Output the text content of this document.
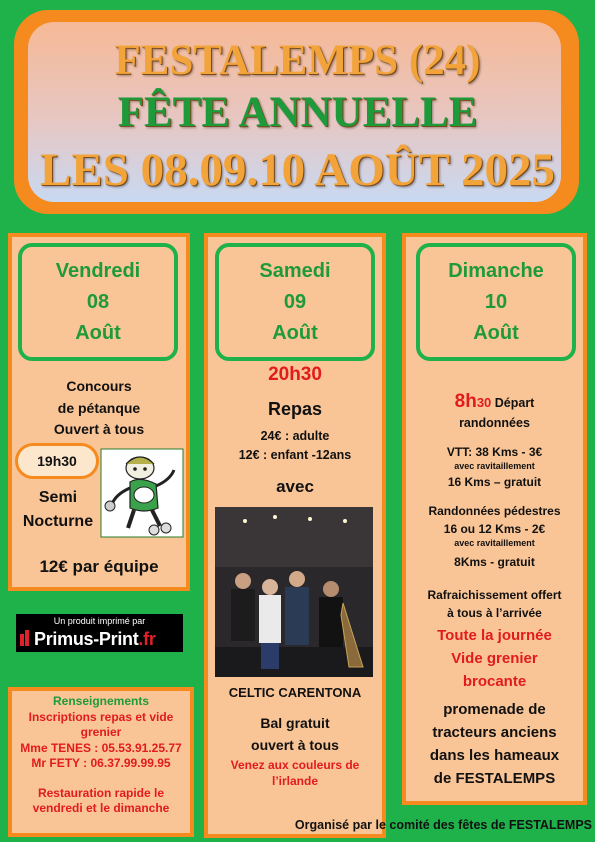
FESTALEMPS (24)
FÊTE ANNUELLE
LES 08.09.10 AOÛT 2025
Vendredi
08
Août
Concours
de pétanque
Ouvert à tous
19h30
Semi
Nocturne
12€ par équipe
Un produit imprimé par
Primus-Print.fr
Renseignements
Inscriptions repas et vide
grenier
Mme TENES : 05.53.91.25.77
Mr FETY : 06.37.99.99.95
Restauration rapide le
vendredi et le dimanche
Samedi
09
Août
20h30
Repas
24€ : adulte
12€ : enfant -12ans
avec
CELTIC CARENTONA
Bal gratuit
ouvert à tous
Venez aux couleurs de
l’irlande
Dimanche
10
Août
8h30 Départ
randonnées
VTT: 38 Kms - 3€
avec ravitaillement
16 Kms – gratuit
Randonnées pédestres
16 ou 12 Kms - 2€
avec ravitaillement
8Kms - gratuit
Rafraichissement offert
à tous à l’arrivée
Toute la journée
Vide grenier
brocante
promenade de
tracteurs anciens
dans les hameaux
de FESTALEMPS
Organisé par le comité des fêtes de FESTALEMPS
